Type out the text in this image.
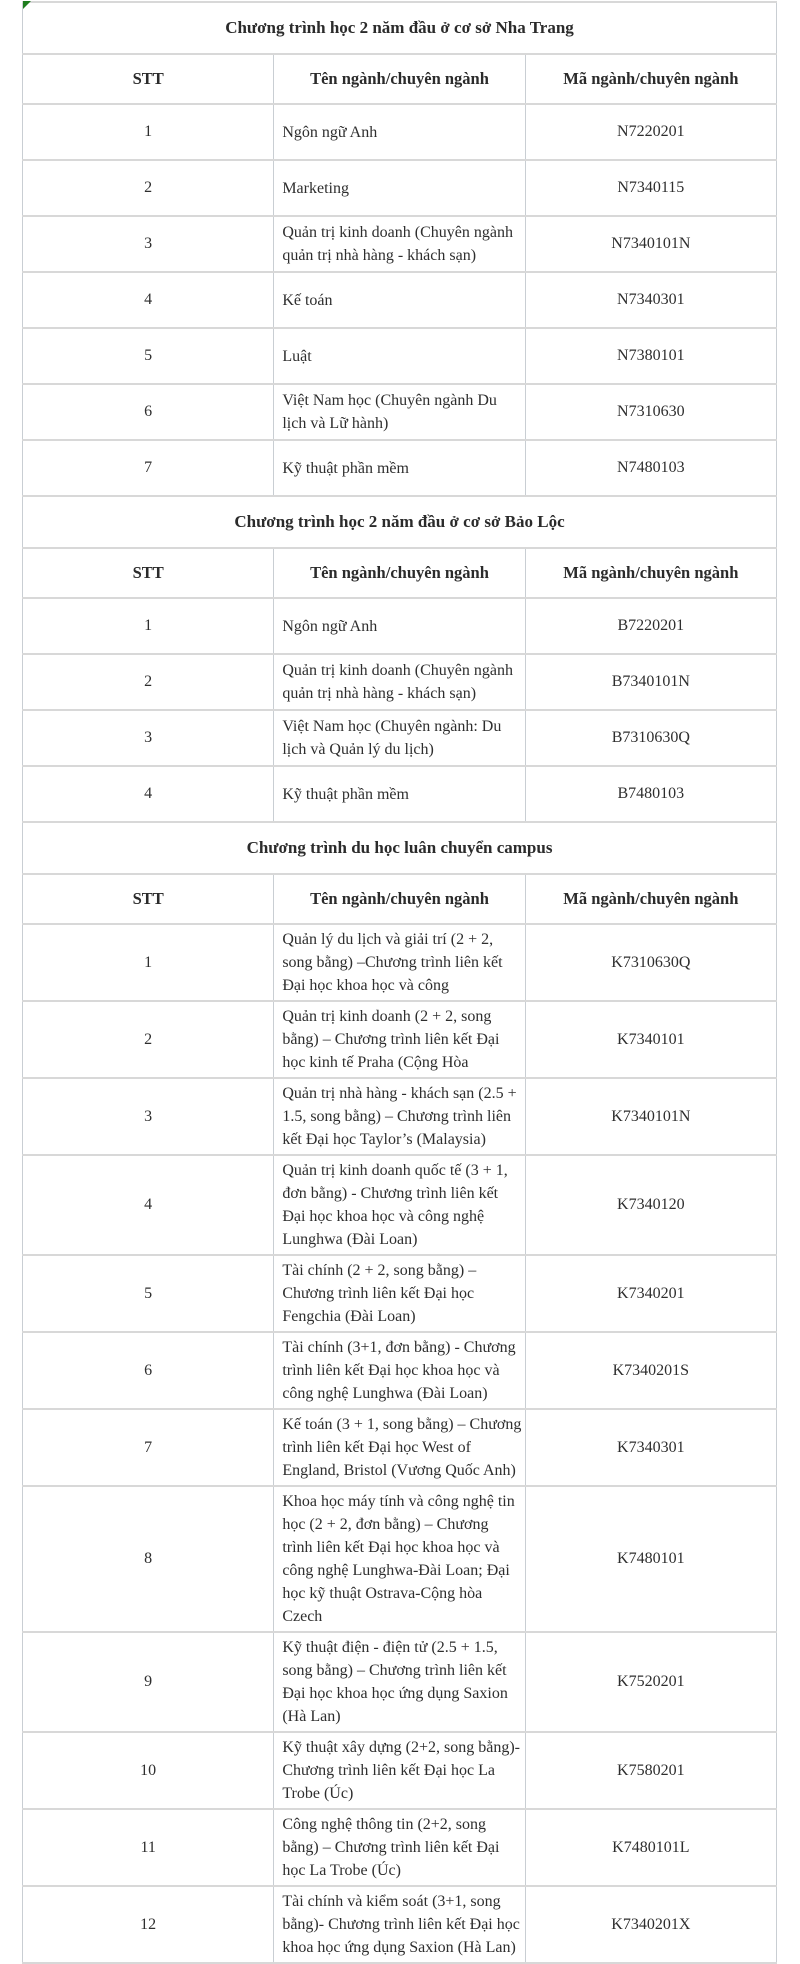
Chương trình học 2 năm đầu ở cơ sở Nha Trang		
STT	Tên ngành/chuyên ngành	Mã ngành/chuyên ngành
1	Ngôn ngữ Anh	N7220201
2	Marketing	N7340115
3	Quản trị kinh doanh (Chuyên ngành quản trị nhà hàng - khách sạn)	N7340101N
4	Kế toán	N7340301
5	Luật	N7380101
6	Việt Nam học (Chuyên ngành Du lịch và Lữ hành)	N7310630
7	Kỹ thuật phần mềm	N7480103
Chương trình học 2 năm đầu ở cơ sở Bảo Lộc		
STT	Tên ngành/chuyên ngành	Mã ngành/chuyên ngành
1	Ngôn ngữ Anh	B7220201
2	Quản trị kinh doanh (Chuyên ngành quản trị nhà hàng - khách sạn)	B7340101N
3	Việt Nam học (Chuyên ngành: Du lịch và Quản lý du lịch)	B7310630Q
4	Kỹ thuật phần mềm	B7480103
Chương trình du học luân chuyển campus		
STT	Tên ngành/chuyên ngành	Mã ngành/chuyên ngành
1	Quản lý du lịch và giải trí (2 + 2, song bằng) –Chương trình liên kết Đại học khoa học và công	K7310630Q
2	Quản trị kinh doanh (2 + 2, song bằng) – Chương trình liên kết Đại học kinh tế Praha (Cộng Hòa	K7340101
3	Quản trị nhà hàng - khách sạn (2.5 + 1.5, song bằng) – Chương trình liên kết Đại học Taylor’s (Malaysia)	K7340101N
4	Quản trị kinh doanh quốc tế (3 + 1, đơn bằng) - Chương trình liên kết Đại học khoa học và công nghệ Lunghwa (Đài Loan)	K7340120
5	Tài chính (2 + 2, song bằng) – Chương trình liên kết Đại học Fengchia (Đài Loan)	K7340201
6	Tài chính (3+1, đơn bằng) - Chương trình liên kết Đại học khoa học và công nghệ Lunghwa (Đài Loan)	K7340201S
7	Kế toán (3 + 1, song bằng) – Chương trình liên kết Đại học West of England, Bristol (Vương Quốc Anh)	K7340301
8	Khoa học máy tính và công nghệ tin học (2 + 2, đơn bằng) – Chương trình liên kết Đại học khoa học và công nghệ Lunghwa-Đài Loan; Đại học kỹ thuật Ostrava-Cộng hòa Czech	K7480101
9	Kỹ thuật điện - điện tử (2.5 + 1.5, song bằng) – Chương trình liên kết Đại học khoa học ứng dụng Saxion (Hà Lan)	K7520201
10	Kỹ thuật xây dựng (2+2, song bằng)- Chương trình liên kết Đại học La Trobe (Úc)	K7580201
11	Công nghệ thông tin (2+2, song bằng) – Chương trình liên kết Đại học La Trobe (Úc)	K7480101L
12	Tài chính và kiểm soát (3+1, song bằng)- Chương trình liên kết Đại học khoa học ứng dụng Saxion (Hà Lan)	K7340201X
